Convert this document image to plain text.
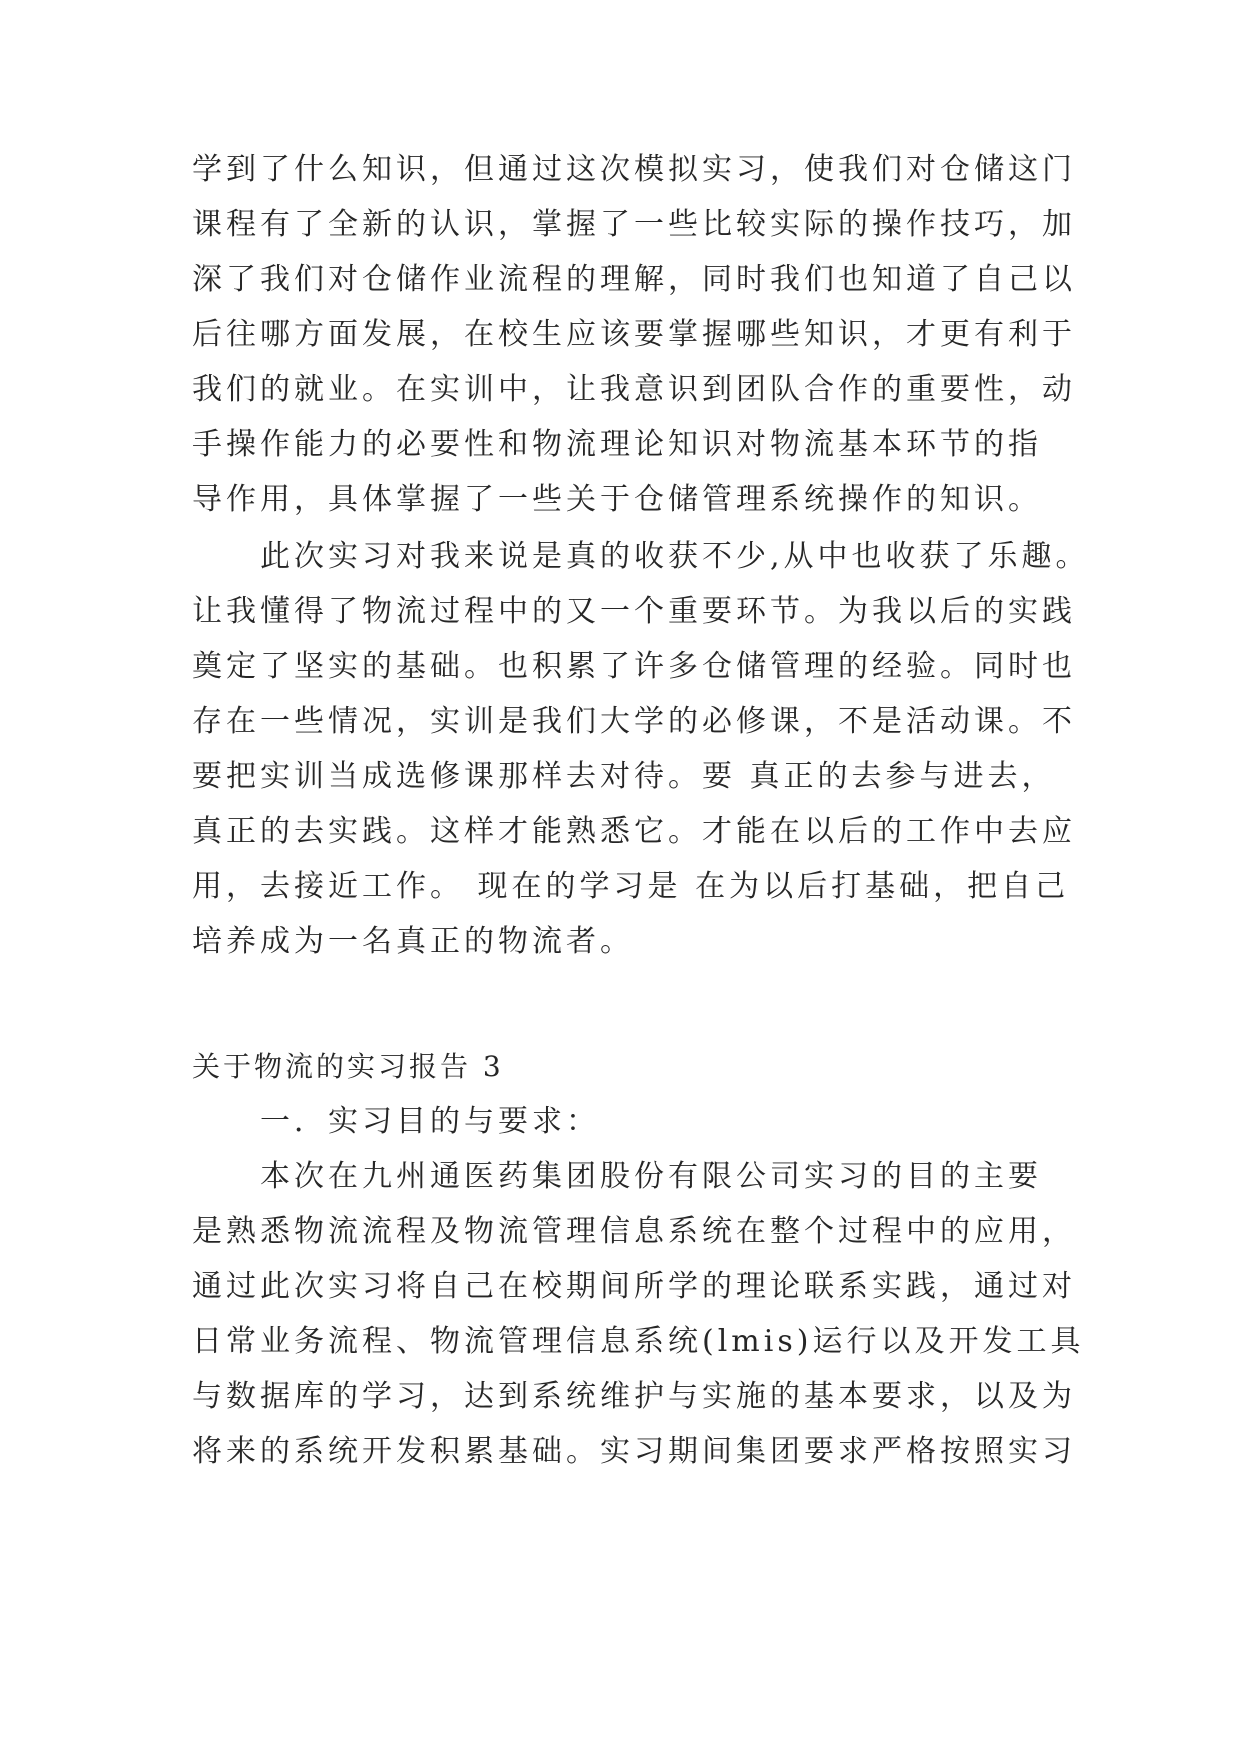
学到了什么知识，但通过这次模拟实习，使我们对仓储这门
课程有了全新的认识，掌握了一些比较实际的操作技巧，加
深了我们对仓储作业流程的理解，同时我们也知道了自己以
后往哪方面发展，在校生应该要掌握哪些知识，才更有利于
我们的就业。在实训中，让我意识到团队合作的重要性，动
手操作能力的必要性和物流理论知识对物流基本环节的指
导作用，具体掌握了一些关于仓储管理系统操作的知识。
　　此次实习对我来说是真的收获不少,从中也收获了乐趣。
让我懂得了物流过程中的又一个重要环节。为我以后的实践
奠定了坚实的基础。也积累了许多仓储管理的经验。同时也
存在一些情况，实训是我们大学的必修课，不是活动课。不
要把实训当成选修课那样去对待。要 真正的去参与进去，
真正的去实践。这样才能熟悉它。才能在以后的工作中去应
用，去接近工作。 现在的学习是 在为以后打基础，把自己
培养成为一名真正的物流者。
关于物流的实习报告 3
　　一．实习目的与要求：
　　本次在九州通医药集团股份有限公司实习的目的主要
是熟悉物流流程及物流管理信息系统在整个过程中的应用，
通过此次实习将自己在校期间所学的理论联系实践，通过对
日常业务流程、物流管理信息系统(lmis)运行以及开发工具
与数据库的学习，达到系统维护与实施的基本要求，以及为
将来的系统开发积累基础。实习期间集团要求严格按照实习
